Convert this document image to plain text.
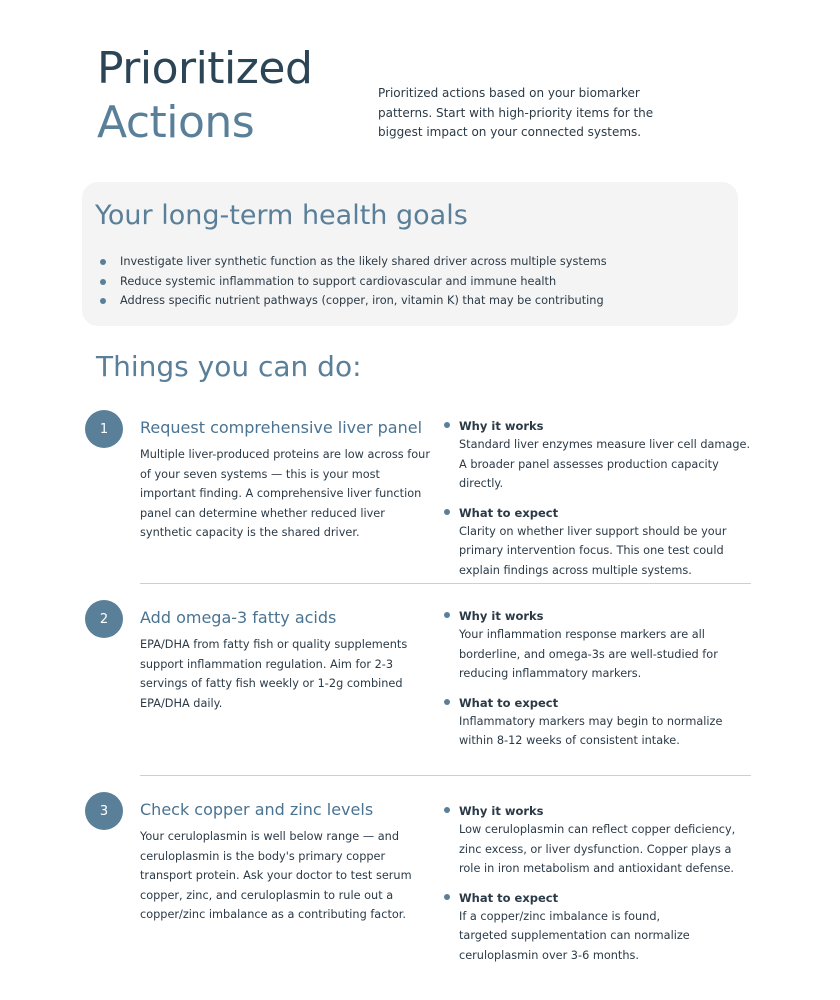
Prioritized
Actions

Prioritized actions based on your biomarker patterns. Start with high-priority items for the biggest impact on your connected systems.

Your long-term health goals
Investigate liver synthetic function as the likely shared driver across multiple systems
Reduce systemic inflammation to support cardiovascular and immune health
Address specific nutrient pathways (copper, iron, vitamin K) that may be contributing
Things you can do:
1	Request comprehensive liver panel

Multiple liver-produced proteins are low across four of your seven systems — this is your most important finding. A comprehensive liver function panel can determine whether reduced liver synthetic capacity is the shared driver.

Why it works

Standard liver enzymes measure liver cell damage. A broader panel assesses production capacity directly.

What to expect

Clarity on whether liver support should be your primary intervention focus. This one test could explain findings across multiple systems.

2	Add omega-3 fatty acids

EPA/DHA from fatty fish or quality supplements support inflammation regulation. Aim for 2-3 servings of fatty fish weekly or 1-2g combined EPA/DHA daily.

Why it works

Your inflammation response markers are all borderline, and omega-3s are well-studied for reducing inflammatory markers.

What to expect

Inflammatory markers may begin to normalize within 8-12 weeks of consistent intake.

3	Check copper and zinc levels

Your ceruloplasmin is well below range — and ceruloplasmin is the body's primary copper transport protein. Ask your doctor to test serum copper, zinc, and ceruloplasmin to rule out a copper/zinc imbalance as a contributing factor.

Why it works

Low ceruloplasmin can reflect copper deficiency, zinc excess, or liver dysfunction. Copper plays a role in iron metabolism and antioxidant defense.

What to expect

If a copper/zinc imbalance is found, targeted supplementation can normalize ceruloplasmin over 3-6 months.
